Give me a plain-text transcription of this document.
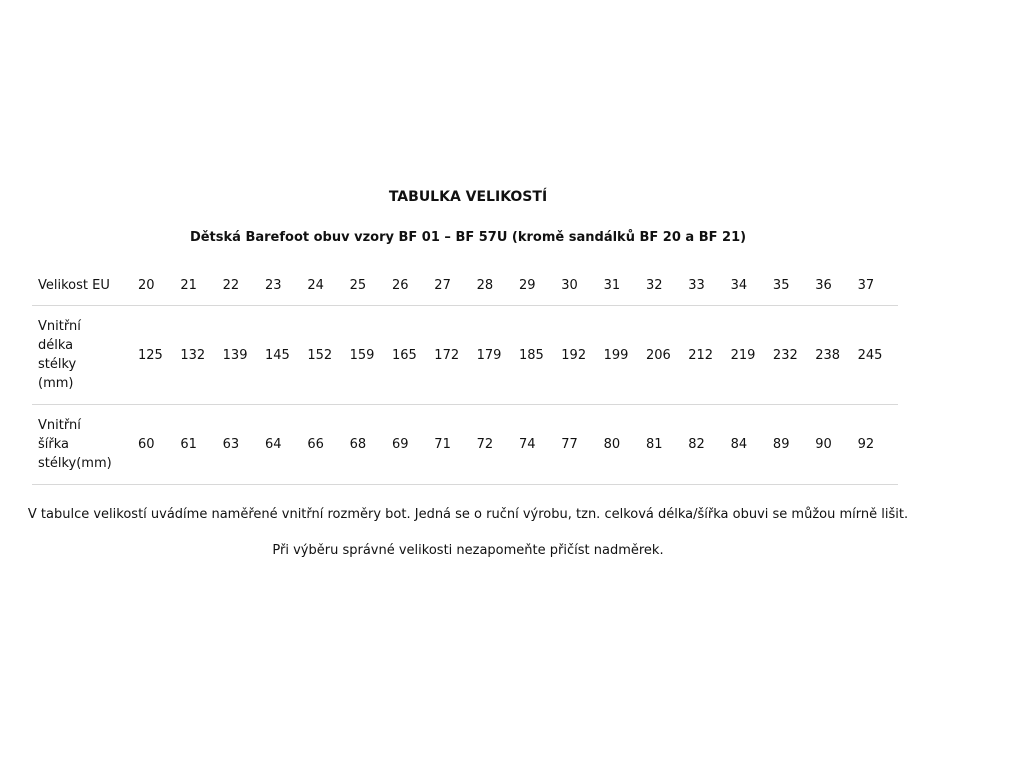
TABULKA VELIKOSTÍ
Dětská Barefoot obuv vzory BF 01 – BF 57U (kromě sandálků BF 20 a BF 21)
Velikost EU	20	21	22	23	24	25	26	27	28	29	30	31	32	33	34	35	36	37
Vnitřní
délka
stélky
(mm)	125	132	139	145	152	159	165	172	179	185	192	199	206	212	219	232	238	245
Vnitřní
šířka
stélky(mm)	60	61	63	64	66	68	69	71	72	74	77	80	81	82	84	89	90	92
V tabulce velikostí uvádíme naměřené vnitřní rozměry bot. Jedná se o ruční výrobu, tzn. celková délka/šířka obuvi se můžou mírně lišit.
Při výběru správné velikosti nezapomeňte přičíst nadměrek.
